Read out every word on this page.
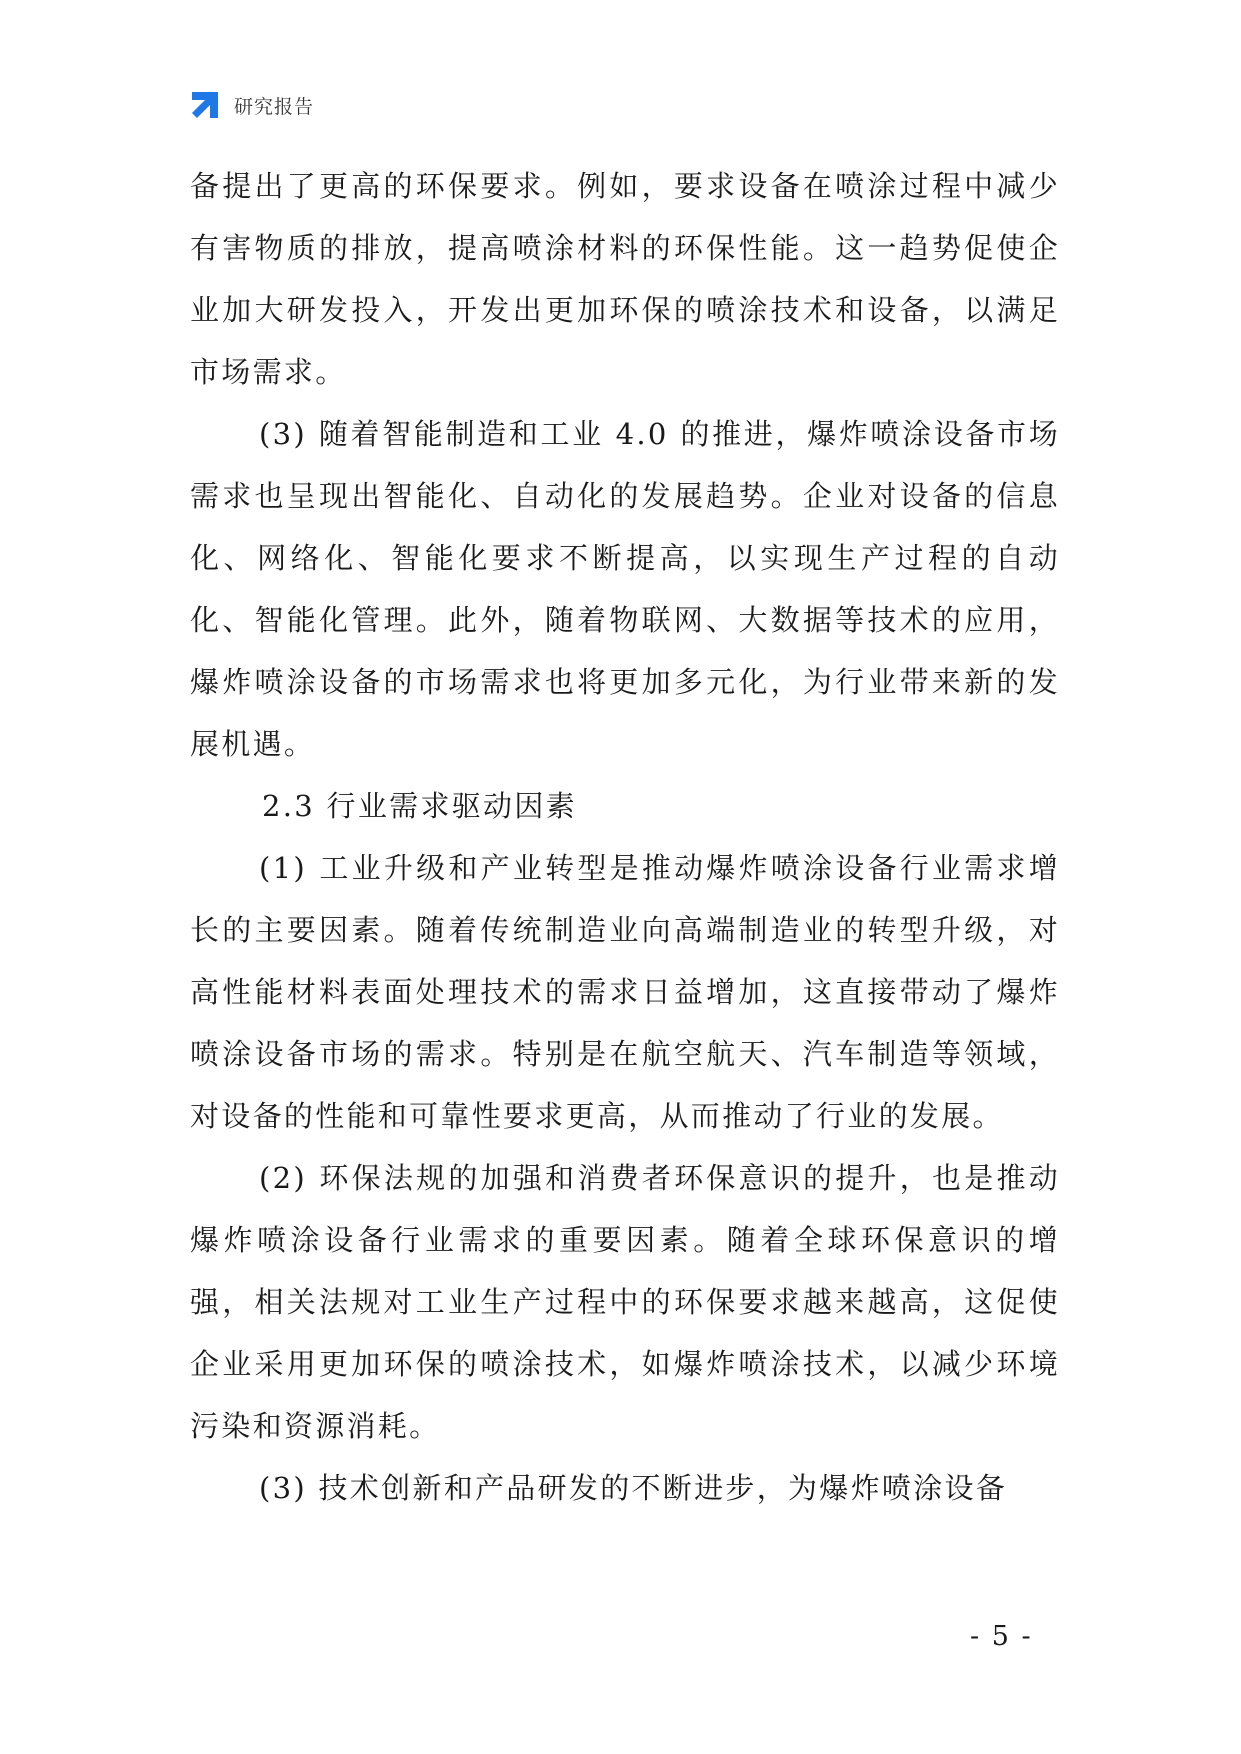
研究报告

备提出了更高的环保要求。例如，要求设备在喷涂过程中减少有害物质的排放，提高喷涂材料的环保性能。这一趋势促使企业加大研发投入，开发出更加环保的喷涂技术和设备，以满足市场需求。

(3) 随着智能制造和工业 4.0 的推进，爆炸喷涂设备市场需求也呈现出智能化、自动化的发展趋势。企业对设备的信息化、网络化、智能化要求不断提高，以实现生产过程的自动化、智能化管理。此外，随着物联网、大数据等技术的应用，爆炸喷涂设备的市场需求也将更加多元化，为行业带来新的发展机遇。

2.3 行业需求驱动因素

(1) 工业升级和产业转型是推动爆炸喷涂设备行业需求增长的主要因素。随着传统制造业向高端制造业的转型升级，对高性能材料表面处理技术的需求日益增加，这直接带动了爆炸喷涂设备市场的需求。特别是在航空航天、汽车制造等领域，对设备的性能和可靠性要求更高，从而推动了行业的发展。

(2) 环保法规的加强和消费者环保意识的提升，也是推动爆炸喷涂设备行业需求的重要因素。随着全球环保意识的增强，相关法规对工业生产过程中的环保要求越来越高，这促使企业采用更加环保的喷涂技术，如爆炸喷涂技术，以减少环境污染和资源消耗。

(3) 技术创新和产品研发的不断进步，为爆炸喷涂设备

- 5 -
